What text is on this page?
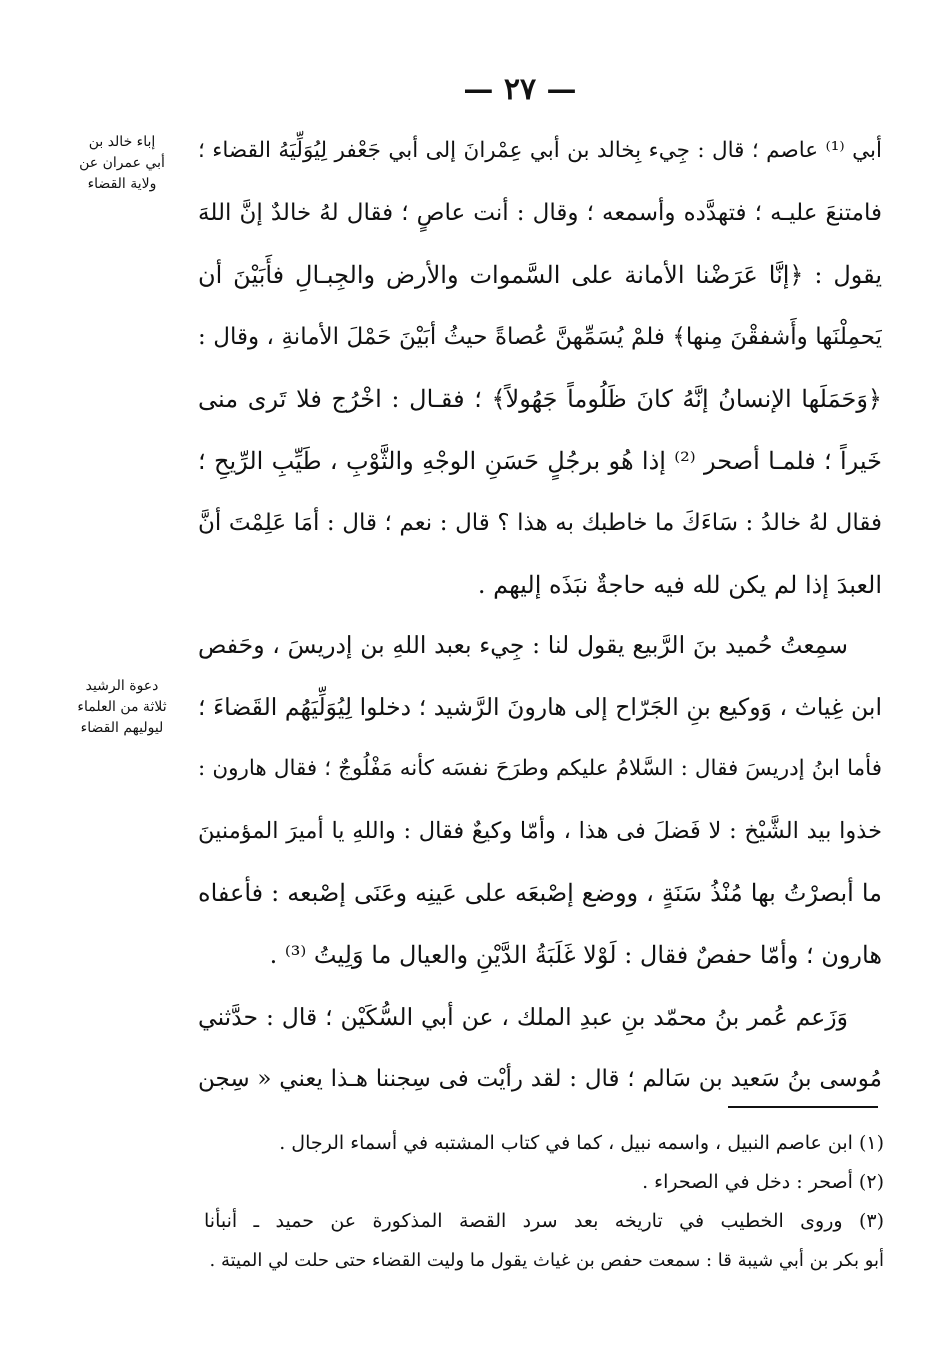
— ٢٧ —
إباء خالد بن
أبي عمران عن
ولاية القضاء
دعوة الرشيد
ثلاثة من العلماء
ليوليهم القضاء
أبي ⁽¹⁾ عاصم ؛ قال : جِيء بِخالد بن أبي عِمْرانَ إلى أبي جَعْفر لِيُوَلِّيَهُ القضاء ؛
فامتنعَ عليـه ؛ فتهدَّده وأسمعه ؛ وقال : أنت عاصٍ ؛ فقال لهُ خالدٌ إنَّ اللهَ
يقول : ﴿إنَّا عَرَضْنا الأمانة على السَّموات والأرض والجِبـالِ فأَبَيْنَ أن
يَحمِلْنَها وأَشفقْنَ مِنها﴾ فلمْ يُسَمِّهنَّ عُصاةً حيثُ أبَيْنَ حَمْلَ الأمانةِ ، وقال :
﴿وَحَمَلَها الإنسانُ إنَّهُ كانَ ظَلُوماً جَهُولاً﴾ ؛ فقـال : اخْرُج فلا تَرى منى
خَيراً ؛ فلمـا أصحر ⁽²⁾ إذا هُو برجُلٍ حَسَنِ الوجْهِ والثَّوْبِ ، طَيِّبِ الرِّيحِ ؛
فقال لهُ خالدُ : سَاءَكَ ما خاطبك به هذا ؟ قال : نعم ؛ قال : أمَا عَلِمْتَ أنَّ
العبدَ إذا لم يكن لله فيه حاجةٌ نبَذَه إليهم .
سمِعتُ حُميد بنَ الرَّبيع يقول لنا : جِيء بعبد اللهِ بن إدريسَ ، وحَفص
ابن غِياث ، وَوكيع بنِ الجَرّاح إلى هارونَ الرَّشيد ؛ دخلوا لِيُوَلِّيَهُم القَضاءَ ؛
فأما ابنُ إدريسَ فقال : السَّلامُ عليكم وطرَحَ نفسَه كأنه مَفْلُوجٌ ؛ فقال هارون :
خذوا بيد الشَّيْخ : لا فَضلَ فى هذا ، وأمّا وكيعٌ فقال : واللهِ يا أميرَ المؤمنينَ
ما أبصرْتُ بها مُنْذُ سَنَةٍ ، ووضع إصْبعَه على عَينِه وعَنَى إصْبعه : فأعفاه
هارون ؛ وأمّا حفصٌ فقال : لَوْلا غَلَبَةُ الدَّيْنِ والعيال ما وَلِيتُ ⁽³⁾ .
وَزَعم عُمر بنُ محمّد بنِ عبدِ الملك ، عن أبي السُّكَيْن ؛ قال : حدَّثني
مُوسى بنُ سَعيد بن سَالم ؛ قال : لقد رأيْت فى سِجننا هـذا يعني « سِجن
(١) ابن عاصم النبيل ، واسمه نبيل ، كما في كتاب المشتبه في أسماء الرجال .
(٢) أصحر : دخل في الصحراء .
(٣) وروى الخطيب في تاريخه بعد سرد القصة المذكورة عن حميد ـ أنبأنا
أبو بكر بن أبي شيبة قا : سمعت حفص بن غياث يقول ما وليت القضاء حتى حلت لي الميتة .
